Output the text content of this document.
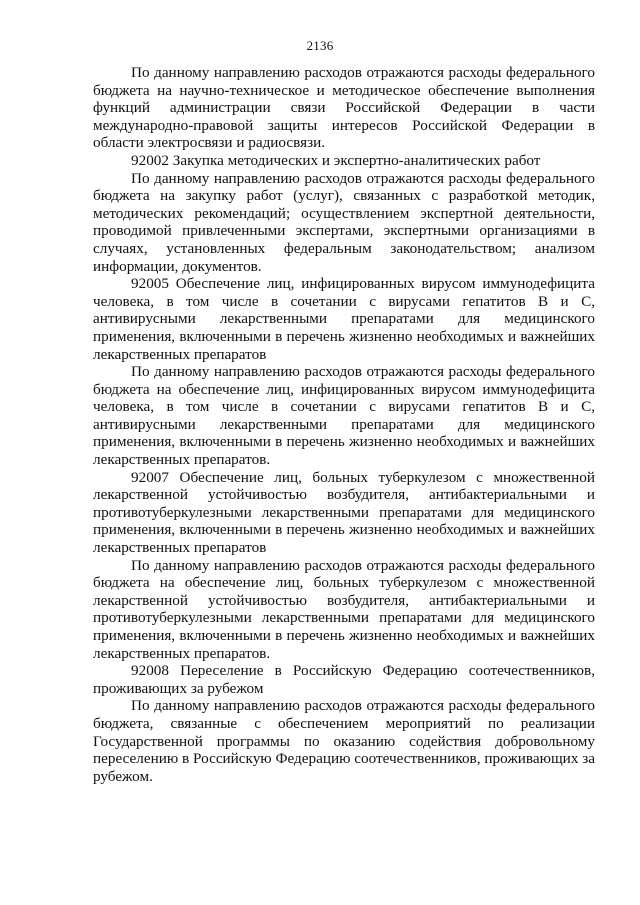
2136

По данному направлению расходов отражаются расходы федерального бюджета на научно-техническое и методическое обеспечение выполнения функций администрации связи Российской Федерации в части международно-правовой защиты интересов Российской Федерации в области электросвязи и радиосвязи.

92002 Закупка методических и экспертно-аналитических работ

По данному направлению расходов отражаются расходы федерального бюджета на закупку работ (услуг), связанных с разработкой методик, методических рекомендаций; осуществлением экспертной деятельности, проводимой привлеченными экспертами, экспертными организациями в случаях, установленных федеральным законодательством; анализом информации, документов.

92005 Обеспечение лиц, инфицированных вирусом иммунодефицита человека, в том числе в сочетании с вирусами гепатитов B и C, антивирусными лекарственными препаратами для медицинского применения, включенными в перечень жизненно необходимых и важнейших лекарственных препаратов

По данному направлению расходов отражаются расходы федерального бюджета на обеспечение лиц, инфицированных вирусом иммунодефицита человека, в том числе в сочетании с вирусами гепатитов B и C, антивирусными лекарственными препаратами для медицинского применения, включенными в перечень жизненно необходимых и важнейших лекарственных препаратов.

92007 Обеспечение лиц, больных туберкулезом с множественной лекарственной устойчивостью возбудителя, антибактериальными и противотуберкулезными лекарственными препаратами для медицинского применения, включенными в перечень жизненно необходимых и важнейших лекарственных препаратов

По данному направлению расходов отражаются расходы федерального бюджета на обеспечение лиц, больных туберкулезом с множественной лекарственной устойчивостью возбудителя, антибактериальными и противотуберкулезными лекарственными препаратами для медицинского применения, включенными в перечень жизненно необходимых и важнейших лекарственных препаратов.

92008 Переселение в Российскую Федерацию соотечественников, проживающих за рубежом

По данному направлению расходов отражаются расходы федерального бюджета, связанные с обеспечением мероприятий по реализации Государственной программы по оказанию содействия добровольному переселению в Российскую Федерацию соотечественников, проживающих за рубежом.
